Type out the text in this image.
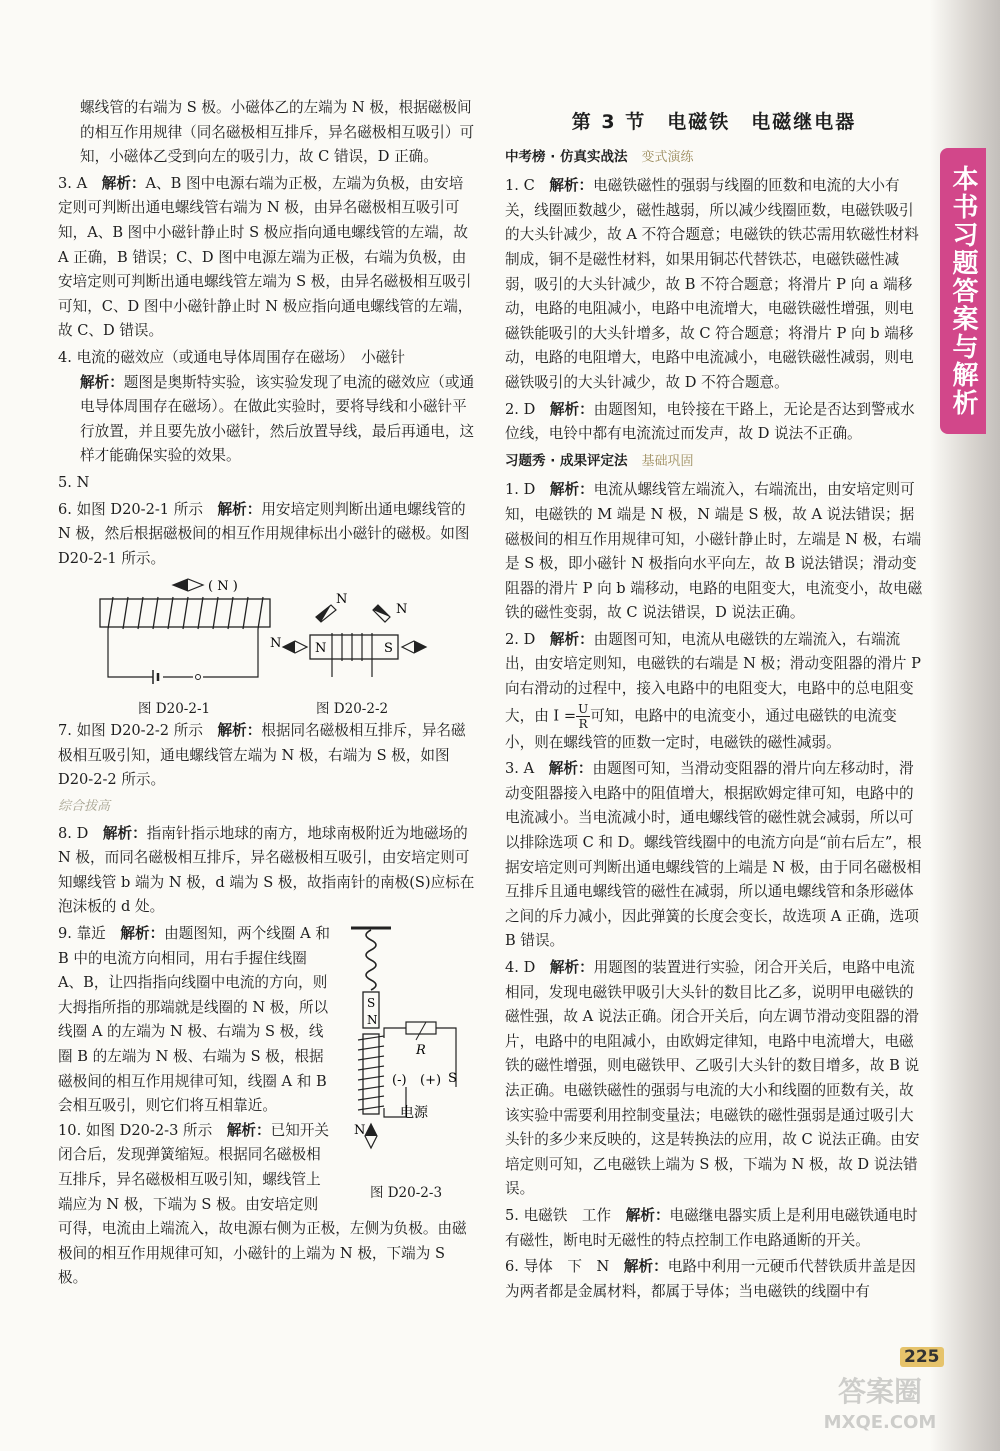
本书习题答案与解析

螺线管的右端为 S 极。小磁体乙的左端为 N 极，根据磁极间的相互作用规律（同名磁极相互排斥，异名磁极相互吸引）可知，小磁体乙受到向左的吸引力，故 C 错误，D 正确。

3. A　 解析：A、B 图中电源右端为正极，左端为负极，由安培定则可判断出通电螺线管右端为 N 极，由异名磁极相互吸引可知，A、B 图中小磁针静止时 S 极应指向通电螺线管的左端，故 A 正确，B 错误；C、D 图中电源左端为正极，右端为负极，由安培定则可判断出通电螺线管左端为 S 极，由异名磁极相互吸引可知，C、D 图中小磁针静止时 N 极应指向通电螺线管的左端，故 C、D 错误。

4. 电流的磁效应（或通电导体周围存在磁场）　小磁针

解析：题图是奥斯特实验，该实验发现了电流的磁效应（或通电导体周围存在磁场）。在做此实验时，要将导线和小磁针平行放置，并且要先放小磁针，然后放置导线，最后再通电，这样才能确保实验的效果。

5. N

6. 如图 D20-2-1 所示　 解析：用安培定则判断出通电螺线管的 N 极，然后根据磁极间的相互作用规律标出小磁针的磁极。如图 D20-2-1 所示。

( N )
N
N
N	N	S
图 D20-2-1	图 D20-2-2

7. 如图 D20-2-2 所示　 解析：根据同名磁极相互排斥，异名磁极相互吸引知，通电螺线管左端为 N 极，右端为 S 极，如图 D20-2-2 所示。

综合拔高

8. D　 解析：指南针指示地球的南方，地球南极附近为地磁场的 N 极，而同名磁极相互排斥，异名磁极相互吸引，由安培定则可知螺线管 b 端为 N 极，d 端为 S 极，故指南针的南极(S)应标在泡沫板的 d 处。

S
N
R
(-) (+) S
电源
N
图 D20-2-3

9. 靠近　 解析：由题图知，两个线圈 A 和 B 中的电流方向相同，用右手握住线圈 A、B，让四指指向线圈中电流的方向，则大拇指所指的那端就是线圈的 N 极，所以线圈 A 的左端为 N 极、右端为 S 极，线圈 B 的左端为 N 极、右端为 S 极，根据磁极间的相互作用规律可知，线圈 A 和 B 会相互吸引，则它们将互相靠近。

10. 如图 D20-2-3 所示　 解析：已知开关闭合后，发现弹簧缩短。根据同名磁极相互排斥，异名磁极相互吸引知，螺线管上端应为 N 极，下端为 S 极。由安培定则可得，电流由上端流入，故电源右侧为正极，左侧为负极。由磁极间的相互作用规律可知，小磁针的上端为 N 极，下端为 S 极。

第 3 节　电磁铁　电磁继电器
中考榜 · 仿真实战法 变式演练

1. C　 解析：电磁铁磁性的强弱与线圈的匝数和电流的大小有关，线圈匝数越少，磁性越弱，所以减少线圈匝数，电磁铁吸引的大头针减少，故 A 不符合题意；电磁铁的铁芯需用软磁性材料制成，铜不是磁性材料，如果用铜芯代替铁芯，电磁铁磁性减弱，吸引的大头针减少，故 B 不符合题意；将滑片 P 向 a 端移动，电路的电阻减小，电路中电流增大，电磁铁磁性增强，则电磁铁能吸引的大头针增多，故 C 符合题意；将滑片 P 向 b 端移动，电路的电阻增大，电路中电流减小，电磁铁磁性减弱，则电磁铁吸引的大头针减少，故 D 不符合题意。

2. D　 解析：由题图知，电铃接在干路上，无论是否达到警戒水位线，电铃中都有电流流过而发声，故 D 说法不正确。

习题秀 · 成果评定法 基础巩固

1. D　 解析：电流从螺线管左端流入，右端流出，由安培定则可知，电磁铁的 M 端是 N 极，N 端是 S 极，故 A 说法错误；据磁极间的相互作用规律可知，小磁针静止时，左端是 N 极，右端是 S 极，即小磁针 N 极指向水平向左，故 B 说法错误；滑动变阻器的滑片 P 向 b 端移动，电路的电阻变大，电流变小，故电磁铁的磁性变弱，故 C 说法错误，D 说法正确。

2. D　 解析：由题图可知，电流从电磁铁的左端流入，右端流出，由安培定则知，电磁铁的右端是 N 极；滑动变阻器的滑片 P 向右滑动的过程中，接入电路中的电阻变大，电路中的总电阻变大，由 $I = \frac{U}{R}$ 可知，电路中的电流变小，通过电磁铁的电流变小，则在螺线管的匝数一定时，电磁铁的磁性减弱。

3. A　 解析：由题图可知，当滑动变阻器的滑片向左移动时，滑动变阻器接入电路中的阻值增大，根据欧姆定律可知，电路中的电流减小。当电流减小时，通电螺线管的磁性就会减弱，所以可以排除选项 C 和 D。螺线管线圈中的电流方向是“前右后左”，根据安培定则可判断出通电螺线管的上端是 N 极，由于同名磁极相互排斥且通电螺线管的磁性在减弱，所以通电螺线管和条形磁体之间的斥力减小，因此弹簧的长度会变长，故选项 A 正确，选项 B 错误。

4. D　 解析：用题图的装置进行实验，闭合开关后，电路中电流相同，发现电磁铁甲吸引大头针的数目比乙多，说明甲电磁铁的磁性强，故 A 说法正确。闭合开关后，向左调节滑动变阻器的滑片，电路中的电阻减小，由欧姆定律知，电路中电流增大，电磁铁的磁性增强，则电磁铁甲、乙吸引大头针的数目增多，故 B 说法正确。电磁铁磁性的强弱与电流的大小和线圈的匝数有关，故该实验中需要利用控制变量法；电磁铁的磁性强弱是通过吸引大头针的多少来反映的，这是转换法的应用，故 C 说法正确。由安培定则可知，乙电磁铁上端为 S 极，下端为 N 极，故 D 说法错误。

5. 电磁铁　工作　 解析：电磁继电器实质上是利用电磁铁通电时有磁性，断电时无磁性的特点控制工作电路通断的开关。

6. 导体　下　N　 解析：电路中利用一元硬币代替铁质井盖是因为两者都是金属材料，都属于导体；当电磁铁的线圈中有

225
答案圈
MXQE.COM
